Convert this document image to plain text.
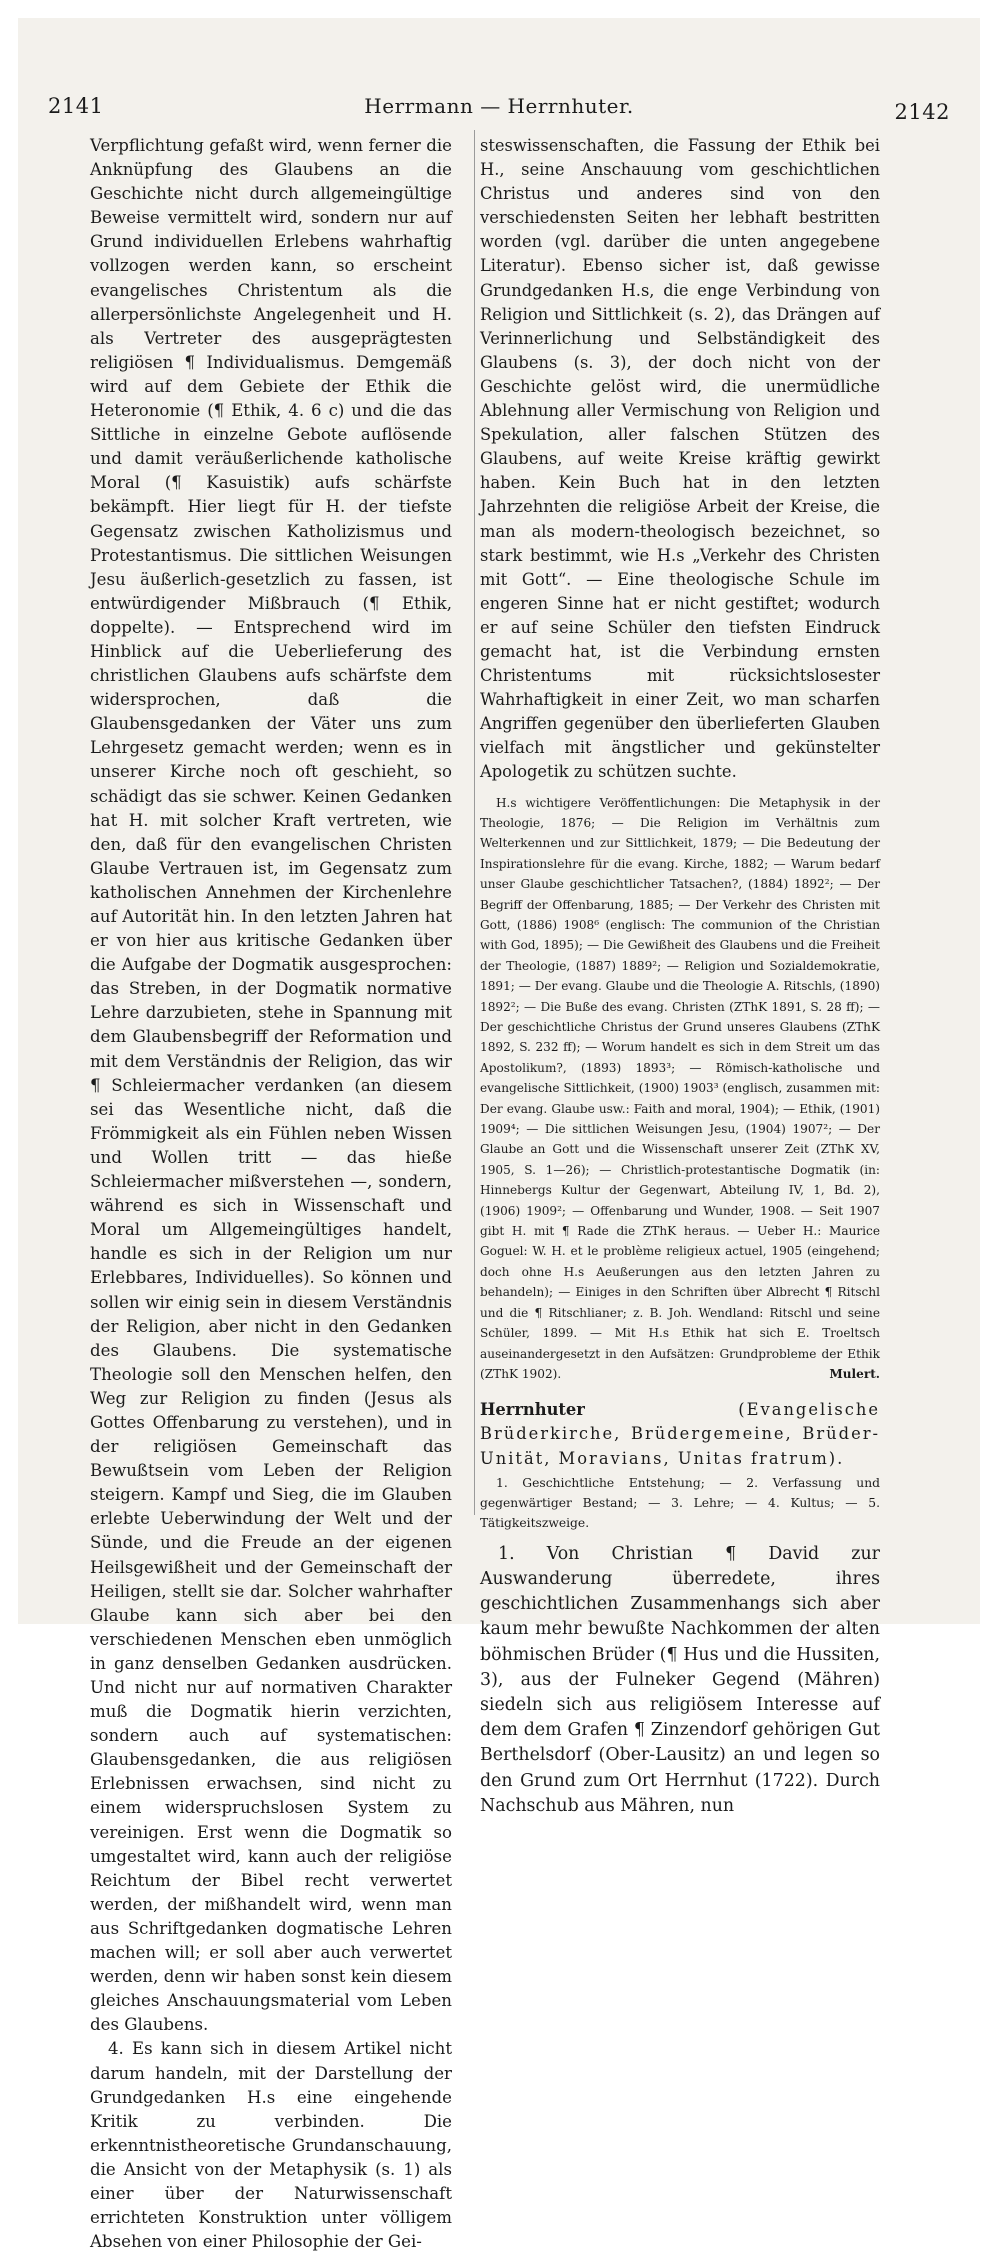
2141	Herrmann — Herrnhuter.	2142

Verpflichtung gefaßt wird, wenn ferner die Anknüpfung des Glaubens an die Geschichte nicht durch allgemeingültige Beweise vermittelt wird, sondern nur auf Grund individuellen Erlebens wahrhaftig vollzogen werden kann, so erscheint evangelisches Christentum als die allerpersönlichste Angelegenheit und H. als Vertreter des ausgeprägtesten religiösen ¶ Individualismus. Demgemäß wird auf dem Gebiete der Ethik die Heteronomie (¶ Ethik, 4. 6 c) und die das Sittliche in einzelne Gebote auflösende und damit veräußerlichende katholische Moral (¶ Kasuistik) aufs schärfste bekämpft. Hier liegt für H. der tiefste Gegensatz zwischen Katholizismus und Protestantismus. Die sittlichen Weisungen Jesu äußerlich-gesetzlich zu fassen, ist entwürdigender Mißbrauch (¶ Ethik, doppelte). — Entsprechend wird im Hinblick auf die Ueberlieferung des christlichen Glaubens aufs schärfste dem widersprochen, daß die Glaubensgedanken der Väter uns zum Lehrgesetz gemacht werden; wenn es in unserer Kirche noch oft geschieht, so schädigt das sie schwer. Keinen Gedanken hat H. mit solcher Kraft vertreten, wie den, daß für den evangelischen Christen Glaube Vertrauen ist, im Gegensatz zum katholischen Annehmen der Kirchenlehre auf Autorität hin. In den letzten Jahren hat er von hier aus kritische Gedanken über die Aufgabe der Dogmatik ausgesprochen: das Streben, in der Dogmatik normative Lehre darzubieten, stehe in Spannung mit dem Glaubensbegriff der Reformation und mit dem Verständnis der Religion, das wir ¶ Schleiermacher verdanken (an diesem sei das Wesentliche nicht, daß die Frömmigkeit als ein Fühlen neben Wissen und Wollen tritt — das hieße Schleiermacher mißverstehen —, sondern, während es sich in Wissenschaft und Moral um Allgemeingültiges handelt, handle es sich in der Religion um nur Erlebbares, Individuelles). So können und sollen wir einig sein in diesem Verständnis der Religion, aber nicht in den Gedanken des Glaubens. Die systematische Theologie soll den Menschen helfen, den Weg zur Religion zu finden (Jesus als Gottes Offenbarung zu verstehen), und in der religiösen Gemeinschaft das Bewußtsein vom Leben der Religion steigern. Kampf und Sieg, die im Glauben erlebte Ueberwindung der Welt und der Sünde, und die Freude an der eigenen Heilsgewißheit und der Gemeinschaft der Heiligen, stellt sie dar. Solcher wahrhafter Glaube kann sich aber bei den verschiedenen Menschen eben unmöglich in ganz denselben Gedanken ausdrücken. Und nicht nur auf normativen Charakter muß die Dogmatik hierin verzichten, sondern auch auf systematischen: Glaubensgedanken, die aus religiösen Erlebnissen erwachsen, sind nicht zu einem widerspruchslosen System zu vereinigen. Erst wenn die Dogmatik so umgestaltet wird, kann auch der religiöse Reichtum der Bibel recht verwertet werden, der mißhandelt wird, wenn man aus Schriftgedanken dogmatische Lehren machen will; er soll aber auch verwertet werden, denn wir haben sonst kein diesem gleiches Anschauungsmaterial vom Leben des Glaubens.

4. Es kann sich in diesem Artikel nicht darum handeln, mit der Darstellung der Grundgedanken H.s eine eingehende Kritik zu verbinden. Die erkenntnistheoretische Grundanschauung, die Ansicht von der Metaphysik (s. 1) als einer über der Naturwissenschaft errichteten Konstruktion unter völligem Absehen von einer Philosophie der Gei-

steswissenschaften, die Fassung der Ethik bei H., seine Anschauung vom geschichtlichen Christus und anderes sind von den verschiedensten Seiten her lebhaft bestritten worden (vgl. darüber die unten angegebene Literatur). Ebenso sicher ist, daß gewisse Grundgedanken H.s, die enge Verbindung von Religion und Sittlichkeit (s. 2), das Drängen auf Verinnerlichung und Selbständigkeit des Glaubens (s. 3), der doch nicht von der Geschichte gelöst wird, die unermüdliche Ablehnung aller Vermischung von Religion und Spekulation, aller falschen Stützen des Glaubens, auf weite Kreise kräftig gewirkt haben. Kein Buch hat in den letzten Jahrzehnten die religiöse Arbeit der Kreise, die man als modern-theologisch bezeichnet, so stark bestimmt, wie H.s „Verkehr des Christen mit Gott“. — Eine theologische Schule im engeren Sinne hat er nicht gestiftet; wodurch er auf seine Schüler den tiefsten Eindruck gemacht hat, ist die Verbindung ernsten Christentums mit rücksichtslosester Wahrhaftigkeit in einer Zeit, wo man scharfen Angriffen gegenüber den überlieferten Glauben vielfach mit ängstlicher und gekünstelter Apologetik zu schützen suchte.

H.s wichtigere Veröffentlichungen: Die Metaphysik in der Theologie, 1876; — Die Religion im Verhältnis zum Welterkennen und zur Sittlichkeit, 1879; — Die Bedeutung der Inspirationslehre für die evang. Kirche, 1882; — Warum bedarf unser Glaube geschichtlicher Tatsachen?, (1884) 1892²; — Der Begriff der Offenbarung, 1885; — Der Verkehr des Christen mit Gott, (1886) 1908⁶ (englisch: The communion of the Christian with God, 1895); — Die Gewißheit des Glaubens und die Freiheit der Theologie, (1887) 1889²; — Religion und Sozialdemokratie, 1891; — Der evang. Glaube und die Theologie A. Ritschls, (1890) 1892²; — Die Buße des evang. Christen (ZThK 1891, S. 28 ff); — Der geschichtliche Christus der Grund unseres Glaubens (ZThK 1892, S. 232 ff); — Worum handelt es sich in dem Streit um das Apostolikum?, (1893) 1893³; — Römisch-katholische und evangelische Sittlichkeit, (1900) 1903³ (englisch, zusammen mit: Der evang. Glaube usw.: Faith and moral, 1904); — Ethik, (1901) 1909⁴; — Die sittlichen Weisungen Jesu, (1904) 1907²; — Der Glaube an Gott und die Wissenschaft unserer Zeit (ZThK XV, 1905, S. 1—26); — Christlich-protestantische Dogmatik (in: Hinnebergs Kultur der Gegenwart, Abteilung IV, 1, Bd. 2), (1906) 1909²; — Offenbarung und Wunder, 1908. — Seit 1907 gibt H. mit ¶ Rade die ZThK heraus. — Ueber H.: Maurice Goguel: W. H. et le problème religieux actuel, 1905 (eingehend; doch ohne H.s Aeußerungen aus den letzten Jahren zu behandeln); — Einiges in den Schriften über Albrecht ¶ Ritschl und die ¶ Ritschlianer; z. B. Joh. Wendland: Ritschl und seine Schüler, 1899. — Mit H.s Ethik hat sich E. Troeltsch auseinandergesetzt in den Aufsätzen: Grundprobleme der Ethik (ZThK 1902).	Mulert.

Herrnhuter	(Evangelische Brüderkirche, Brüdergemeine, Brüder-Unität, Moravians, Unitas fratrum).

1. Geschichtliche Entstehung; — 2. Verfassung und gegenwärtiger Bestand; — 3. Lehre; — 4. Kultus; — 5. Tätigkeitszweige.

1. Von Christian ¶ David zur Auswanderung überredete, ihres geschichtlichen Zusammenhangs sich aber kaum mehr bewußte Nachkommen der alten böhmischen Brüder (¶ Hus und die Hussiten, 3), aus der Fulneker Gegend (Mähren) siedeln sich aus religiösem Interesse auf dem dem Grafen ¶ Zinzendorf gehörigen Gut Berthelsdorf (Ober-Lausitz) an und legen so den Grund zum Ort Herrnhut (1722). Durch Nachschub aus Mähren, nun
